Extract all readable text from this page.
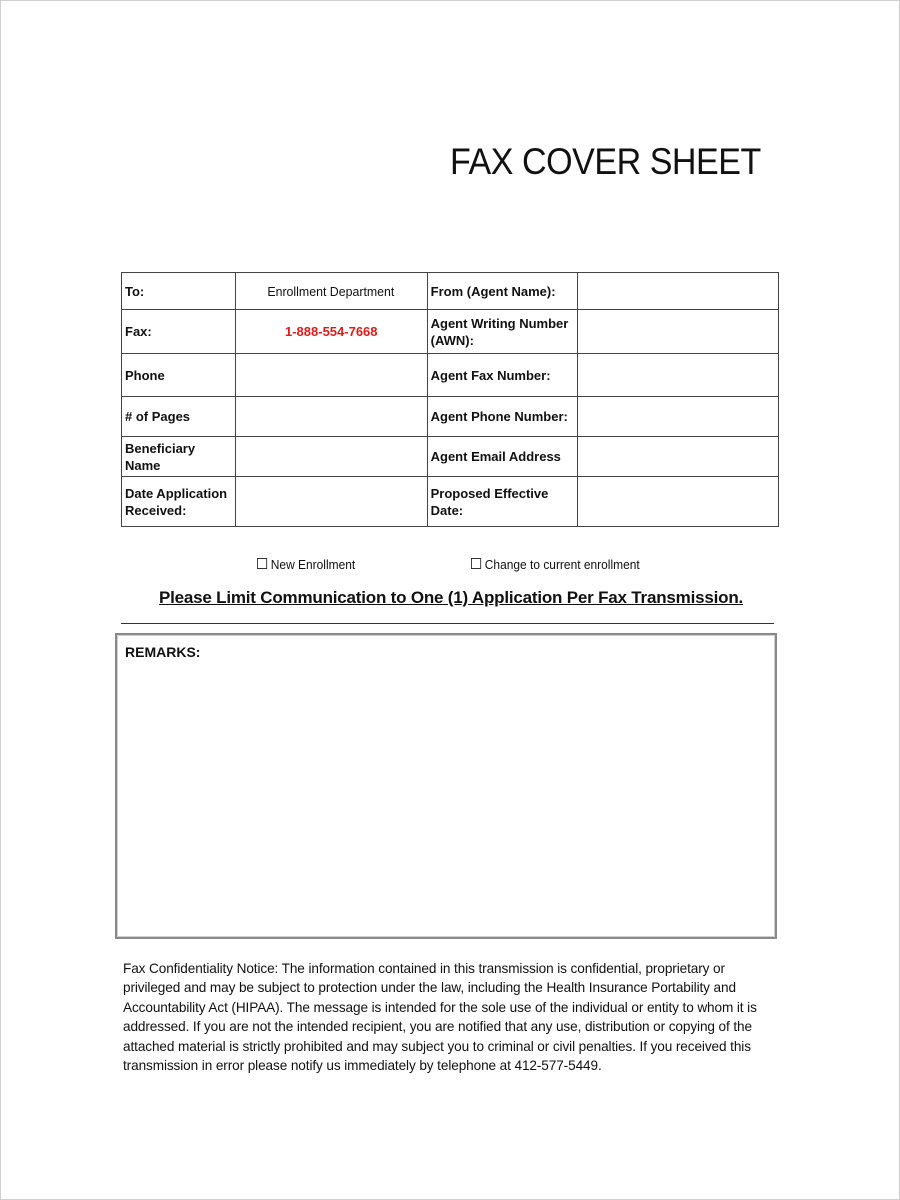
FAX COVER SHEET
To:	Enrollment Department	From (Agent Name):	
Fax:	1-888-554-7668	Agent Writing Number (AWN):	
Phone		Agent Fax Number:	
# of Pages		Agent Phone Number:	
Beneficiary Name		Agent Email Address	
Date Application Received:		Proposed Effective Date:	
New Enrollment	Change to current enrollment
Please Limit Communication to One (1) Application Per Fax Transmission.
REMARKS:
Fax Confidentiality Notice: The information contained in this transmission is confidential, proprietary or privileged and may be subject to protection under the law, including the Health Insurance Portability and Accountability Act (HIPAA). The message is intended for the sole use of the individual or entity to whom it is addressed. If you are not the intended recipient, you are notified that any use, distribution or copying of the attached material is strictly prohibited and may subject you to criminal or civil penalties. If you received this transmission in error please notify us immediately by telephone at 412-577-5449.
